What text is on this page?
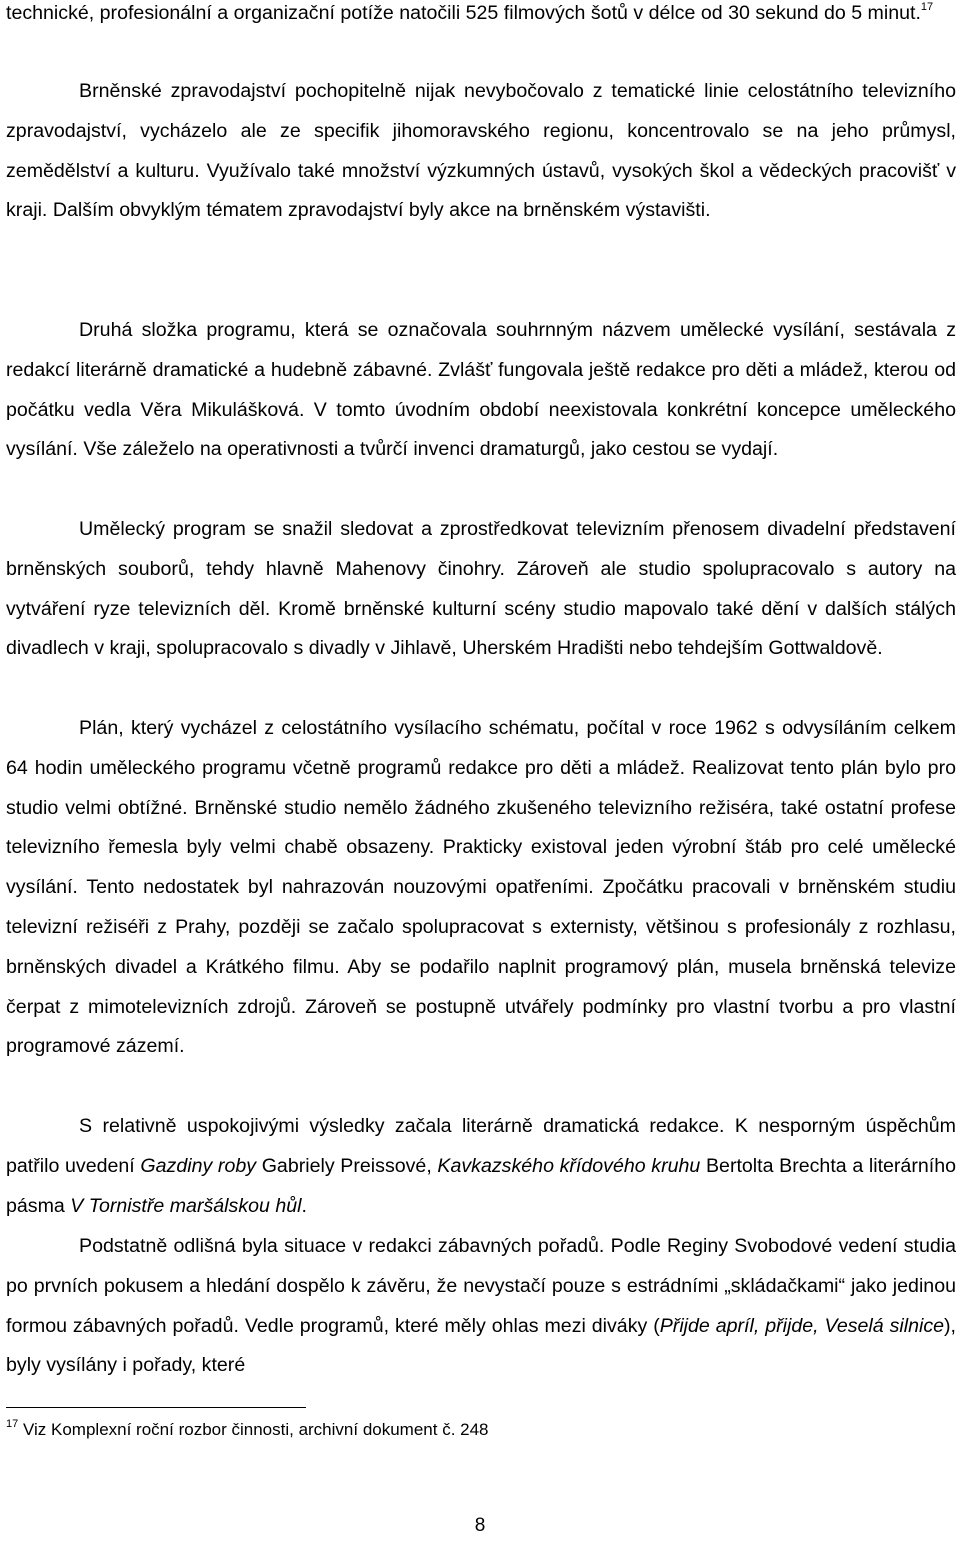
technické, profesionální a organizační potíže natočili 525 filmových šotů v délce od 30 sekund do 5 minut.$^{17}$

Brněnské zpravodajství pochopitelně nijak nevybočovalo z tematické linie celostátního televizního zpravodajství, vycházelo ale ze specifik jihomoravského regionu, koncentrovalo se na jeho průmysl, zemědělství a kulturu. Využívalo také množství výzkumných ústavů, vysokých škol a vědeckých pracovišť v kraji. Dalším obvyklým tématem zpravodajství byly akce na brněnském výstavišti.

Druhá složka programu, která se označovala souhrnným názvem umělecké vysílání, sestávala z redakcí literárně dramatické a hudebně zábavné. Zvlášť fungovala ještě redakce pro děti a mládež, kterou od počátku vedla Věra Mikulášková. V tomto úvodním období neexistovala konkrétní koncepce uměleckého vysílání. Vše záleželo na operativnosti a tvůrčí invenci dramaturgů, jako cestou se vydají.

Umělecký program se snažil sledovat a zprostředkovat televizním přenosem divadelní představení brněnských souborů, tehdy hlavně Mahenovy činohry. Zároveň ale studio spolupracovalo s autory na vytváření ryze televizních děl. Kromě brněnské kulturní scény studio mapovalo také dění v dalších stálých divadlech v kraji, spolupracovalo s divadly v Jihlavě, Uherském Hradišti nebo tehdejším Gottwaldově.

Plán, který vycházel z celostátního vysílacího schématu, počítal v roce 1962 s odvysíláním celkem 64 hodin uměleckého programu včetně programů redakce pro děti a mládež. Realizovat tento plán bylo pro studio velmi obtížné. Brněnské studio nemělo žádného zkušeného televizního režiséra, také ostatní profese televizního řemesla byly velmi chabě obsazeny. Prakticky existoval jeden výrobní štáb pro celé umělecké vysílání. Tento nedostatek byl nahrazován nouzovými opatřeními. Zpočátku pracovali v brněnském studiu televizní režiséři z Prahy, později se začalo spolupracovat s externisty, většinou s profesionály z rozhlasu, brněnských divadel a Krátkého filmu. Aby se podařilo naplnit programový plán, musela brněnská televize čerpat z mimotelevizních zdrojů. Zároveň se postupně utvářely podmínky pro vlastní tvorbu a pro vlastní programové zázemí.

S relativně uspokojivými výsledky začala literárně dramatická redakce. K nesporným úspěchům patřilo uvedení Gazdiny roby Gabriely Preissové, Kavkazského křídového kruhu Bertolta Brechta a literárního pásma V Tornistře maršálskou hůl.

Podstatně odlišná byla situace v redakci zábavných pořadů. Podle Reginy Svobodové vedení studia po prvních pokusem a hledání dospělo k závěru, že nevystačí pouze s estrádními „skládačkami“ jako jedinou formou zábavných pořadů. Vedle programů, které měly ohlas mezi diváky (Přijde apríl, přijde, Veselá silnice), byly vysílány i pořady, které

$^{17}$ Viz Komplexní roční rozbor činnosti, archivní dokument č. 248

8
